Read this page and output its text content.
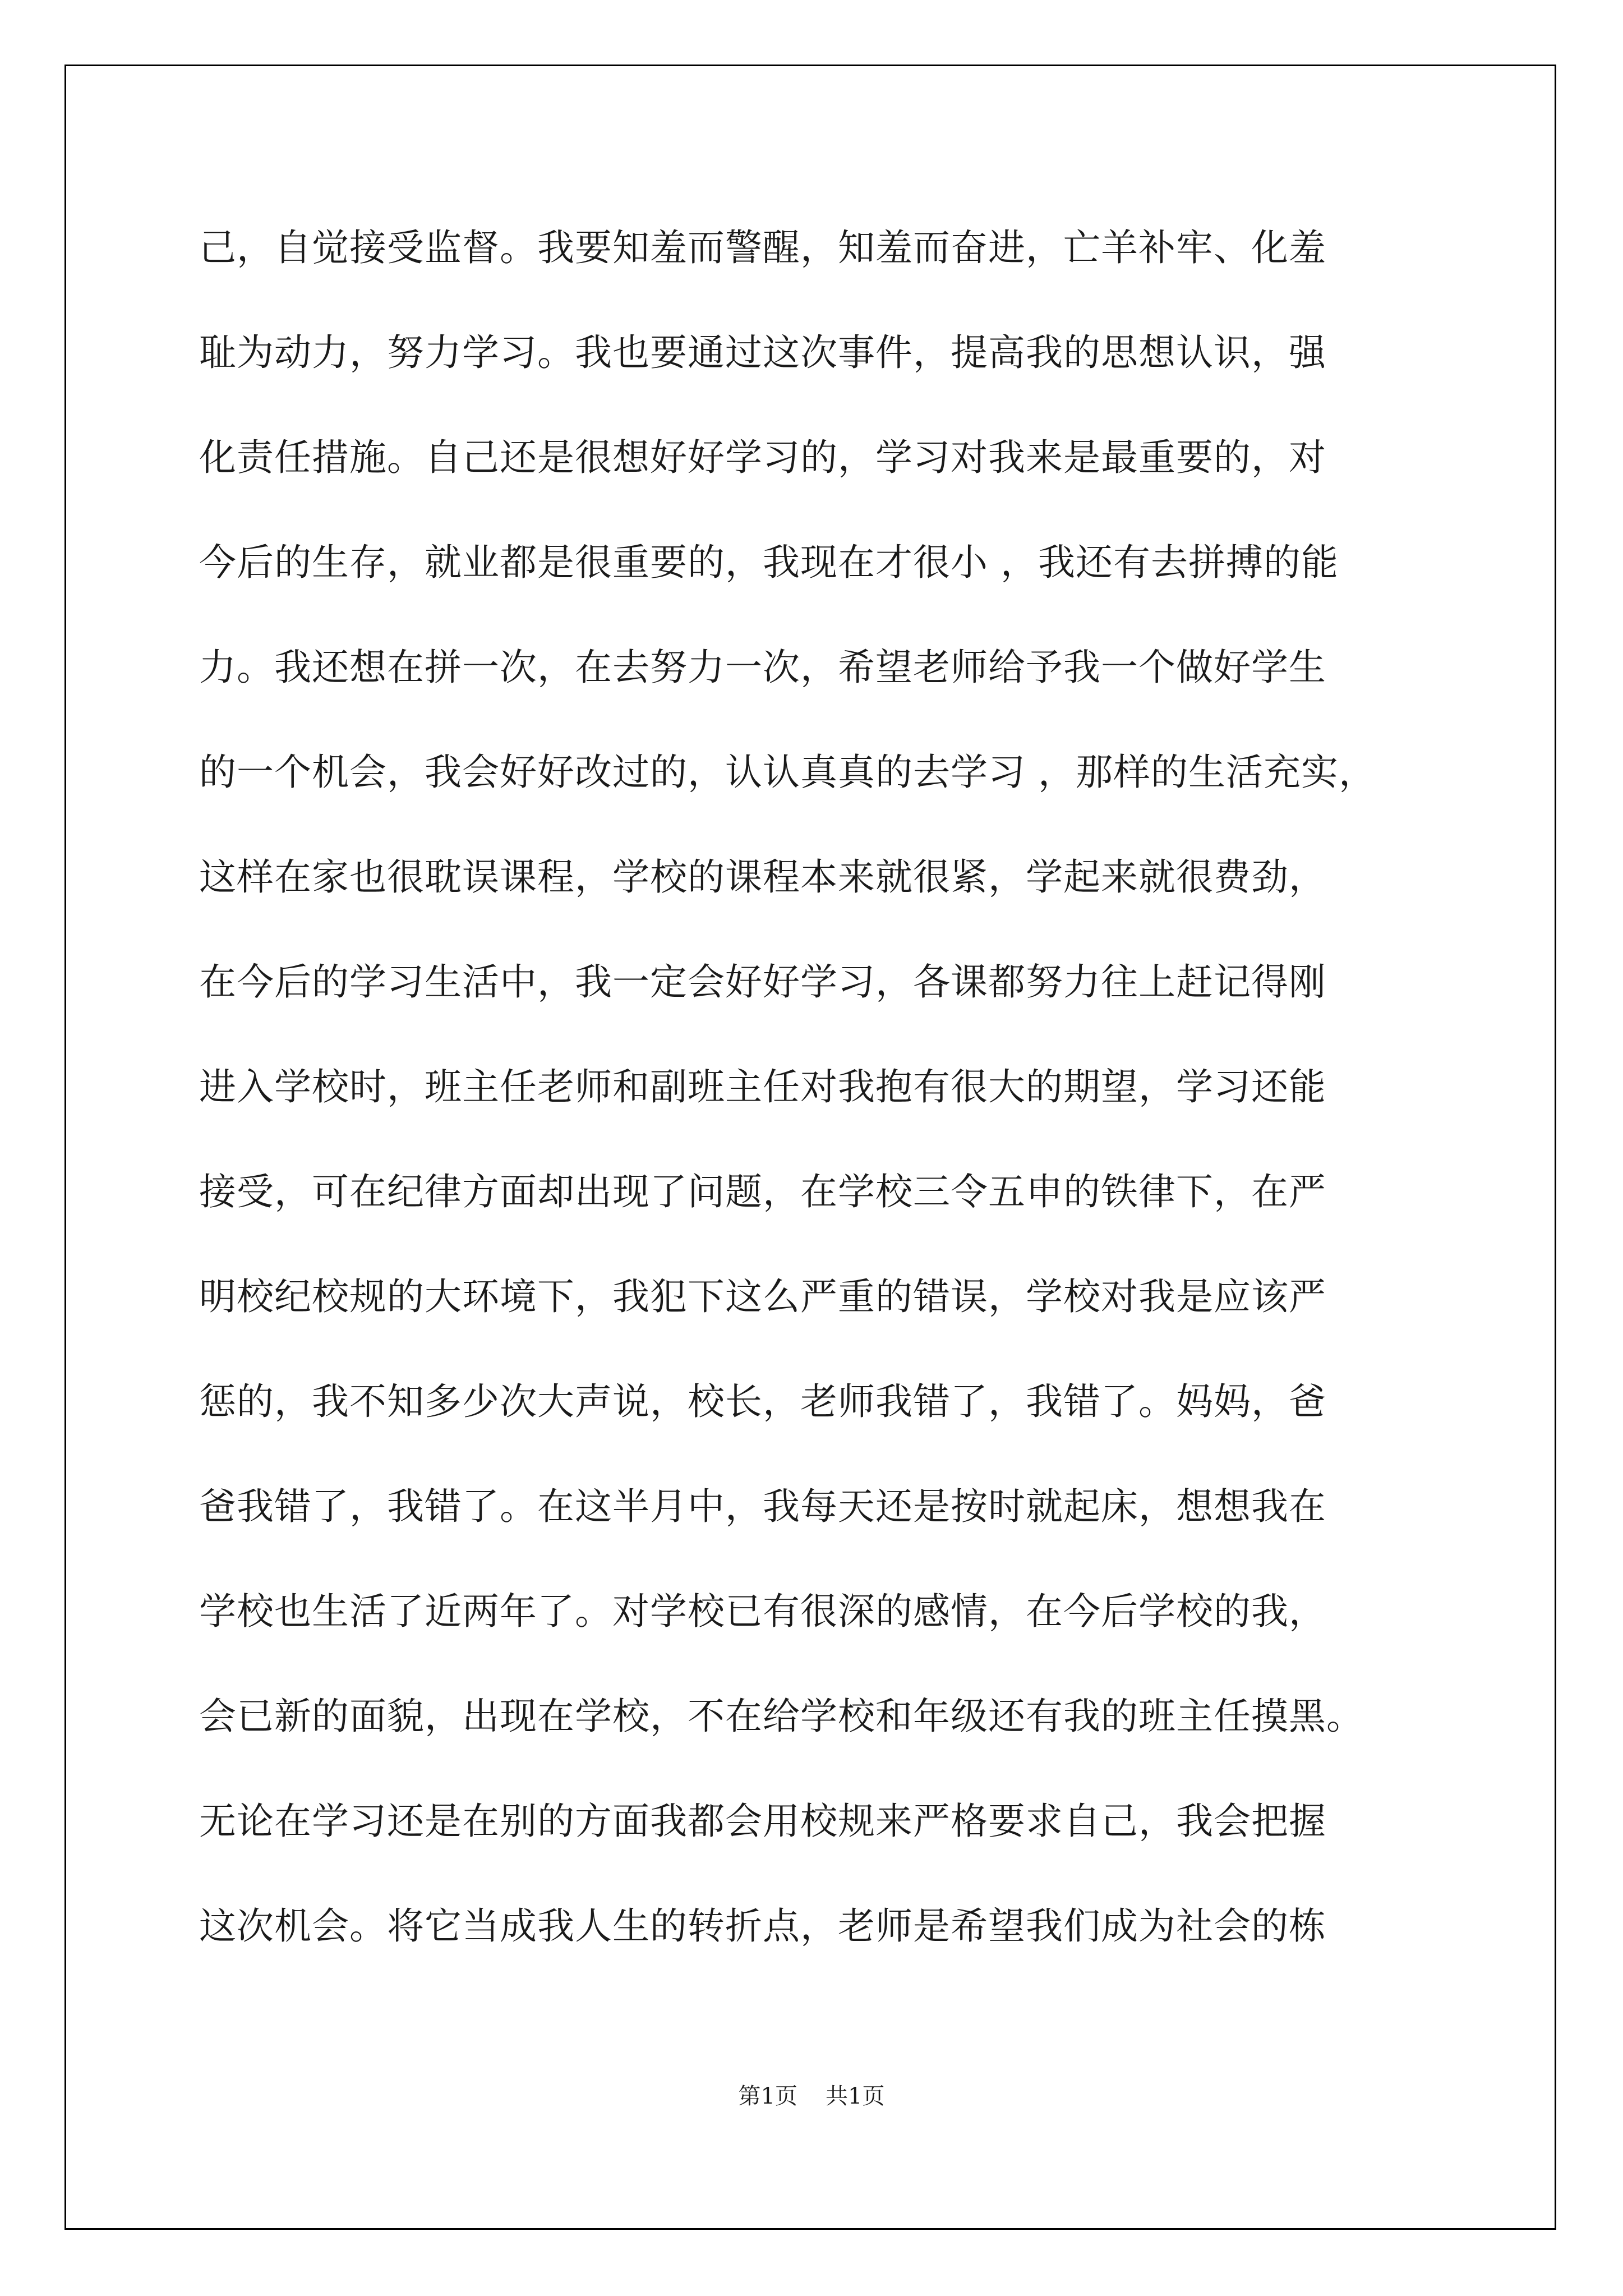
己，自觉接受监督。我要知羞而警醒，知羞而奋进，亡羊补牢、化羞
耻为动力，努力学习。我也要通过这次事件，提高我的思想认识，强
化责任措施。自己还是很想好好学习的，学习对我来是最重要的，对
今后的生存，就业都是很重要的，我现在才很小 ，我还有去拼搏的能
力。我还想在拼一次，在去努力一次，希望老师给予我一个做好学生
的一个机会，我会好好改过的，认认真真的去学习 ，那样的生活充实，
这样在家也很耽误课程，学校的课程本来就很紧，学起来就很费劲，
在今后的学习生活中，我一定会好好学习，各课都努力往上赶记得刚
进入学校时，班主任老师和副班主任对我抱有很大的期望，学习还能
接受，可在纪律方面却出现了问题，在学校三令五申的铁律下，在严
明校纪校规的大环境下，我犯下这么严重的错误，学校对我是应该严
惩的，我不知多少次大声说，校长，老师我错了，我错了。妈妈，爸
爸我错了，我错了。在这半月中，我每天还是按时就起床，想想我在
学校也生活了近两年了。对学校已有很深的感情，在今后学校的我，
会已新的面貌，出现在学校，不在给学校和年级还有我的班主任摸黑。
无论在学习还是在别的方面我都会用校规来严格要求自己，我会把握
这次机会。将它当成我人生的转折点，老师是希望我们成为社会的栋
第1页 共1页
